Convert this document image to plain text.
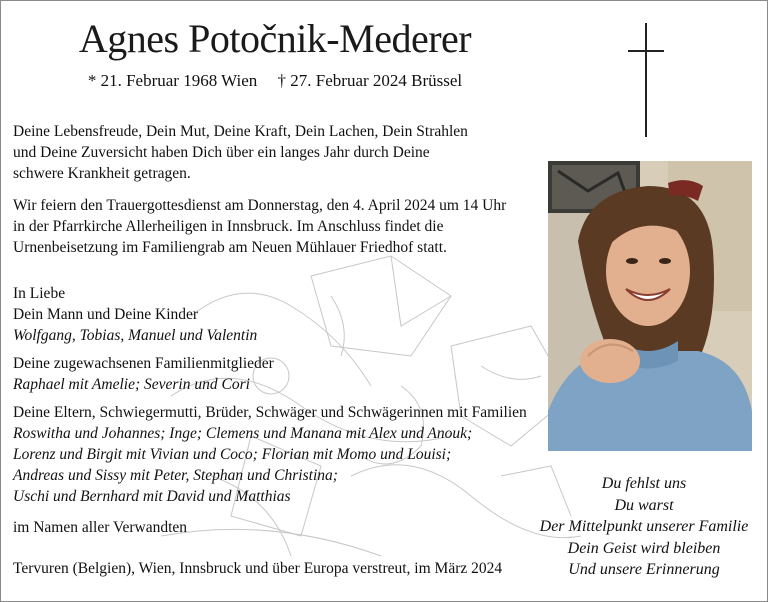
Agnes Potočnik-Mederer
* 21. Februar 1968 Wien † 27. Februar 2024 Brüssel
Deine Lebensfreude, Dein Mut, Deine Kraft, Dein Lachen, Dein Strahlen
und Deine Zuversicht haben Dich über ein langes Jahr durch Deine
schwere Krankheit getragen.
Wir feiern den Trauergottesdienst am Donnerstag, den 4. April 2024 um 14 Uhr
in der Pfarrkirche Allerheiligen in Innsbruck. Im Anschluss findet die
Urnenbeisetzung im Familiengrab am Neuen Mühlauer Friedhof statt.
In Liebe
Dein Mann und Deine Kinder
Wolfgang, Tobias, Manuel und Valentin
Deine zugewachsenen Familienmitglieder
Raphael mit Amelie; Severin und Cori
Deine Eltern, Schwiegermutti, Brüder, Schwäger und Schwägerinnen mit Familien
Roswitha und Johannes; Inge; Clemens und Manana mit Alex und Anouk;
Lorenz und Birgit mit Vivian und Coco; Florian mit Momo und Louisi;
Andreas und Sissy mit Peter, Stephan und Christina;
Uschi und Bernhard mit David und Matthias
im Namen aller Verwandten
Tervuren (Belgien), Wien, Innsbruck und über Europa verstreut, im März 2024
Du fehlst uns
Du warst
Der Mittelpunkt unserer Familie
Dein Geist wird bleiben
Und unsere Erinnerung
